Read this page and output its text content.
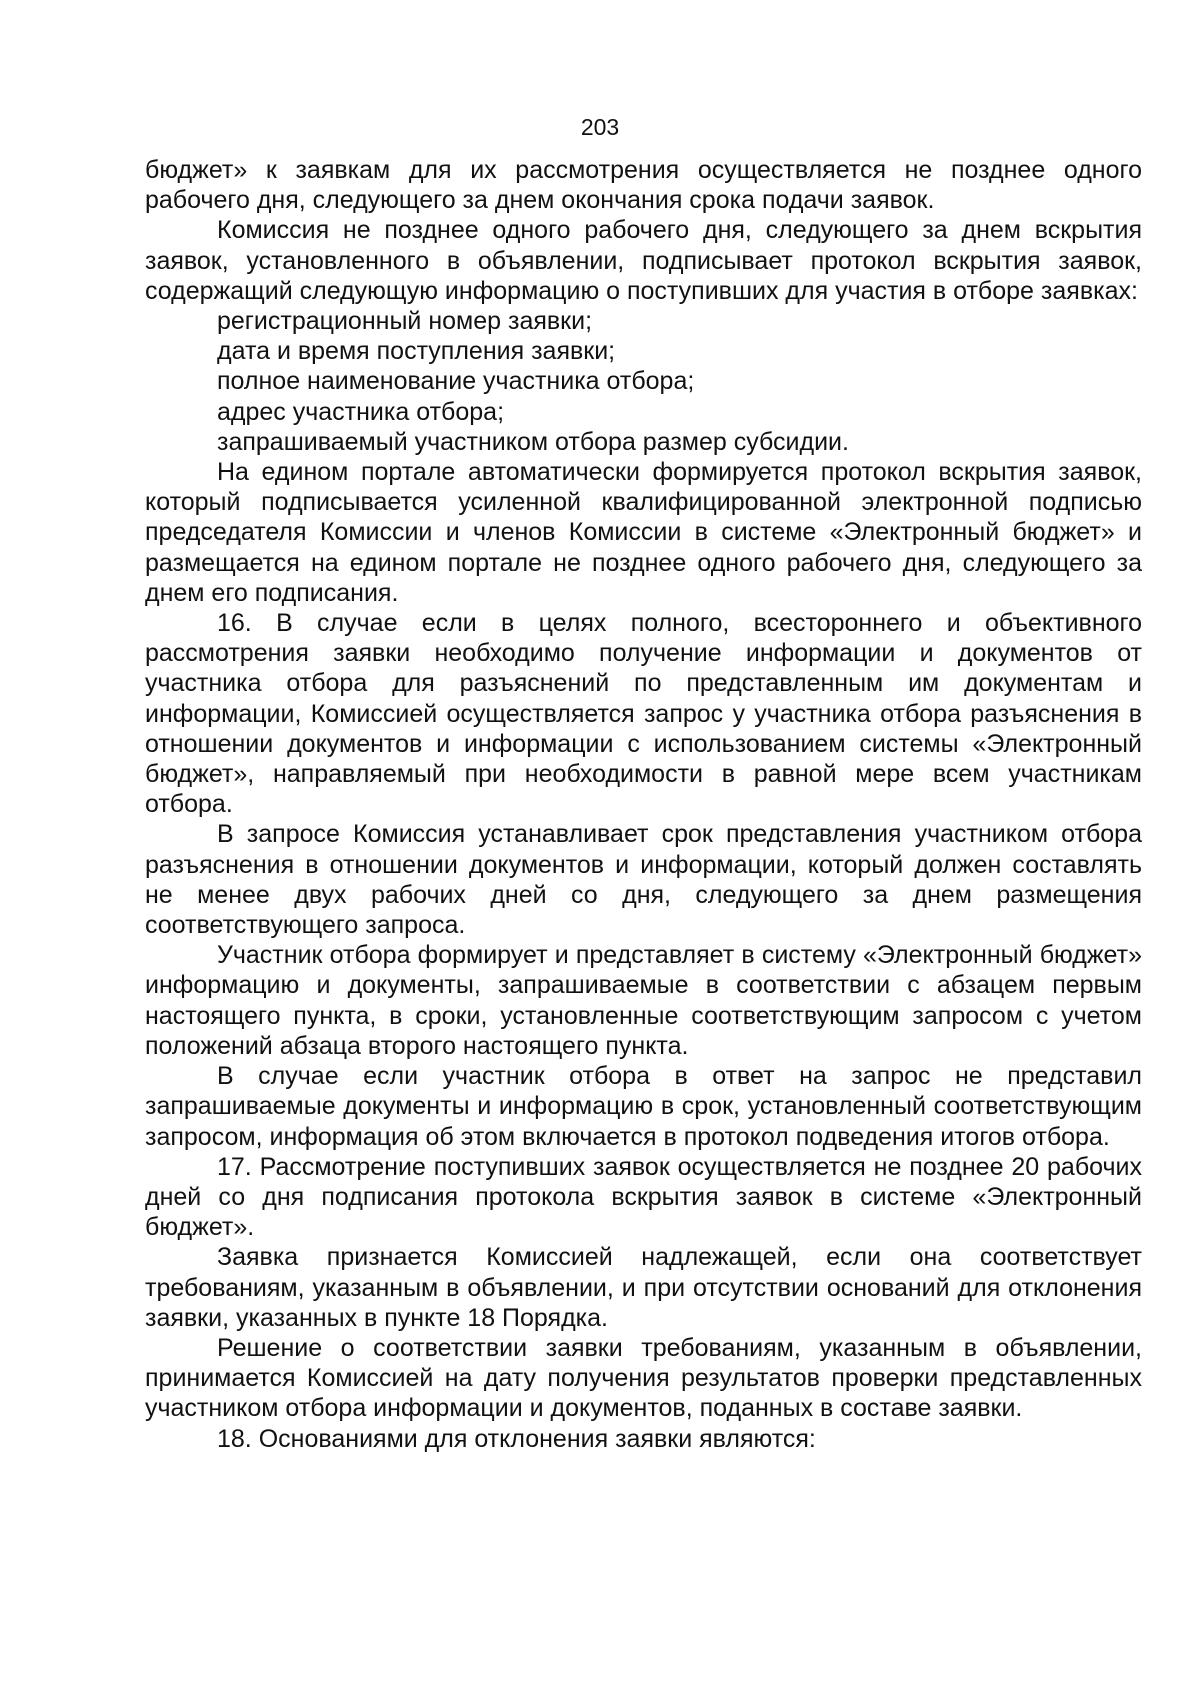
203

бюджет» к заявкам для их рассмотрения осуществляется не позднее одного рабочего дня, следующего за днем окончания срока подачи заявок.

Комиссия не позднее одного рабочего дня, следующего за днем вскрытия заявок, установленного в объявлении, подписывает протокол вскрытия заявок, содержащий следующую информацию о поступивших для участия в отборе заявках:

регистрационный номер заявки;

дата и время поступления заявки;

полное наименование участника отбора;

адрес участника отбора;

запрашиваемый участником отбора размер субсидии.

На едином портале автоматически формируется протокол вскрытия заявок, который подписывается усиленной квалифицированной электронной подписью председателя Комиссии и членов Комиссии в системе «Электронный бюджет» и размещается на едином портале не позднее одного рабочего дня, следующего за днем его подписания.

16. В случае если в целях полного, всестороннего и объективного рассмотрения заявки необходимо получение информации и документов от участника отбора для разъяснений по представленным им документам и информации, Комиссией осуществляется запрос у участника отбора разъяснения в отношении документов и информации с использованием системы «Электронный бюджет», направляемый при необходимости в равной мере всем участникам отбора.

В запросе Комиссия устанавливает срок представления участником отбора разъяснения в отношении документов и информации, который должен составлять не менее двух рабочих дней со дня, следующего за днем размещения соответствующего запроса.

Участник отбора формирует и представляет в систему «Электронный бюджет» информацию и документы, запрашиваемые в соответствии с абзацем первым настоящего пункта, в сроки, установленные соответствующим запросом с учетом положений абзаца второго настоящего пункта.

В случае если участник отбора в ответ на запрос не представил запрашиваемые документы и информацию в срок, установленный соответствующим запросом, информация об этом включается в протокол подведения итогов отбора.

17. Рассмотрение поступивших заявок осуществляется не позднее 20 рабочих дней со дня подписания протокола вскрытия заявок в системе «Электронный бюджет».

Заявка признается Комиссией надлежащей, если она соответствует требованиям, указанным в объявлении, и при отсутствии оснований для отклонения заявки, указанных в пункте 18 Порядка.

Решение о соответствии заявки требованиям, указанным в объявлении, принимается Комиссией на дату получения результатов проверки представленных участником отбора информации и документов, поданных в составе заявки.

18. Основаниями для отклонения заявки являются:
